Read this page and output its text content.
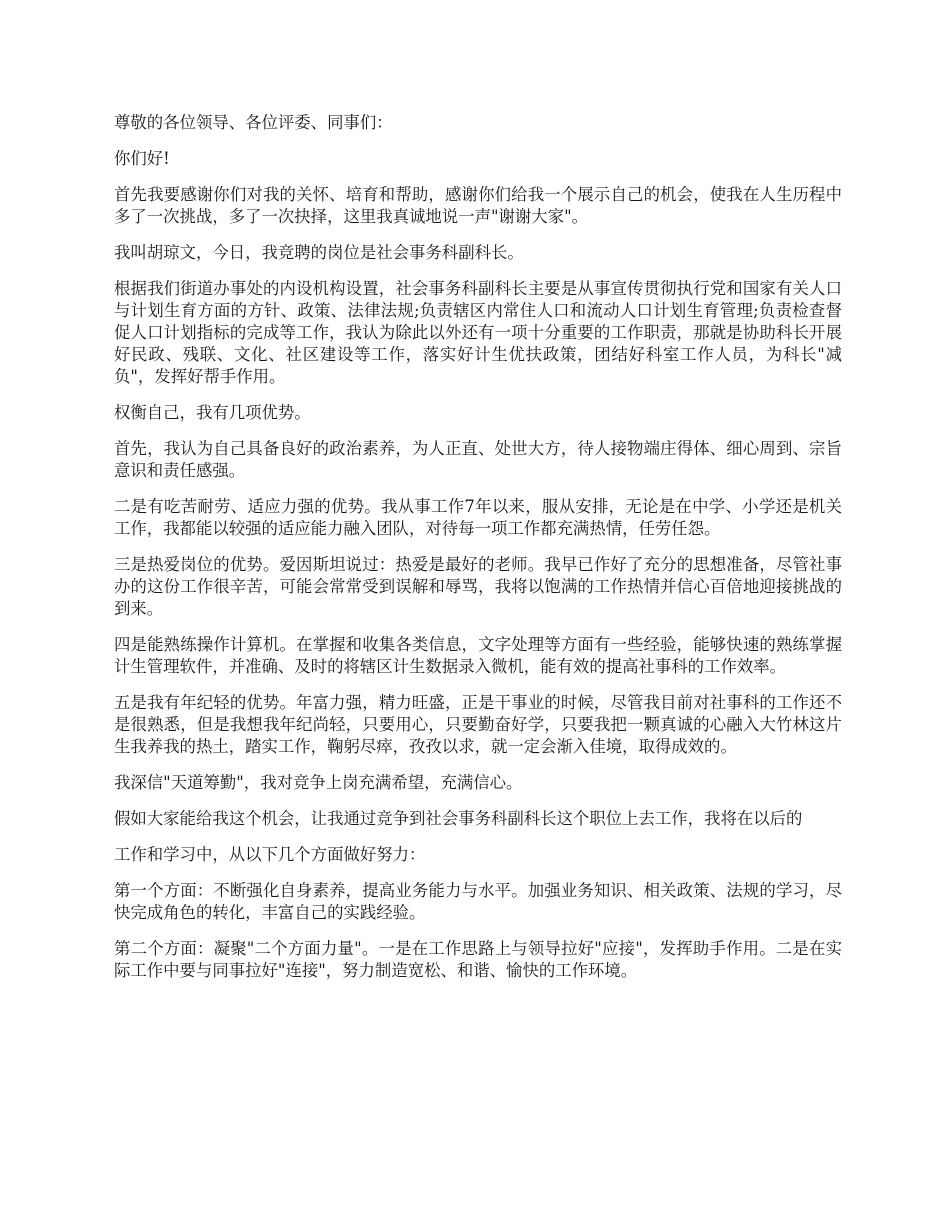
尊敬的各位领导、各位评委、同事们：

你们好!

首先我要感谢你们对我的关怀、培育和帮助，感谢你们给我一个展示自己的机会，使我在人生历程中多了一次挑战，多了一次抉择，这里我真诚地说一声"谢谢大家"。

我叫胡琼文，今日，我竞聘的岗位是社会事务科副科长。

根据我们街道办事处的内设机构设置，社会事务科副科长主要是从事宣传贯彻执行党和国家有关人口与计划生育方面的方针、政策、法律法规;负责辖区内常住人口和流动人口计划生育管理;负责检查督促人口计划指标的完成等工作，我认为除此以外还有一项十分重要的工作职责，那就是协助科长开展好民政、残联、文化、社区建设等工作，落实好计生优扶政策，团结好科室工作人员，为科长"减负"，发挥好帮手作用。

权衡自己，我有几项优势。

首先，我认为自己具备良好的政治素养，为人正直、处世大方，待人接物端庄得体、细心周到、宗旨意识和责任感强。

二是有吃苦耐劳、适应力强的优势。我从事工作7年以来，服从安排，无论是在中学、小学还是机关工作，我都能以较强的适应能力融入团队，对待每一项工作都充满热情，任劳任怨。

三是热爱岗位的优势。爱因斯坦说过：热爱是最好的老师。我早已作好了充分的思想准备，尽管社事办的这份工作很辛苦，可能会常常受到误解和辱骂，我将以饱满的工作热情并信心百倍地迎接挑战的到来。

四是能熟练操作计算机。在掌握和收集各类信息，文字处理等方面有一些经验，能够快速的熟练掌握计生管理软件，并准确、及时的将辖区计生数据录入微机，能有效的提高社事科的工作效率。

五是我有年纪轻的优势。年富力强，精力旺盛，正是干事业的时候，尽管我目前对社事科的工作还不是很熟悉，但是我想我年纪尚轻，只要用心，只要勤奋好学，只要我把一颗真诚的心融入大竹林这片生我养我的热土，踏实工作，鞠躬尽瘁，孜孜以求，就一定会渐入佳境，取得成效的。

我深信"天道筹勤"，我对竞争上岗充满希望，充满信心。

假如大家能给我这个机会，让我通过竞争到社会事务科副科长这个职位上去工作，我将在以后的

工作和学习中，从以下几个方面做好努力：

第一个方面：不断强化自身素养，提高业务能力与水平。加强业务知识、相关政策、法规的学习，尽快完成角色的转化，丰富自己的实践经验。

第二个方面：凝聚"二个方面力量"。一是在工作思路上与领导拉好"应接"，发挥助手作用。二是在实际工作中要与同事拉好"连接"，努力制造宽松、和谐、愉快的工作环境。
